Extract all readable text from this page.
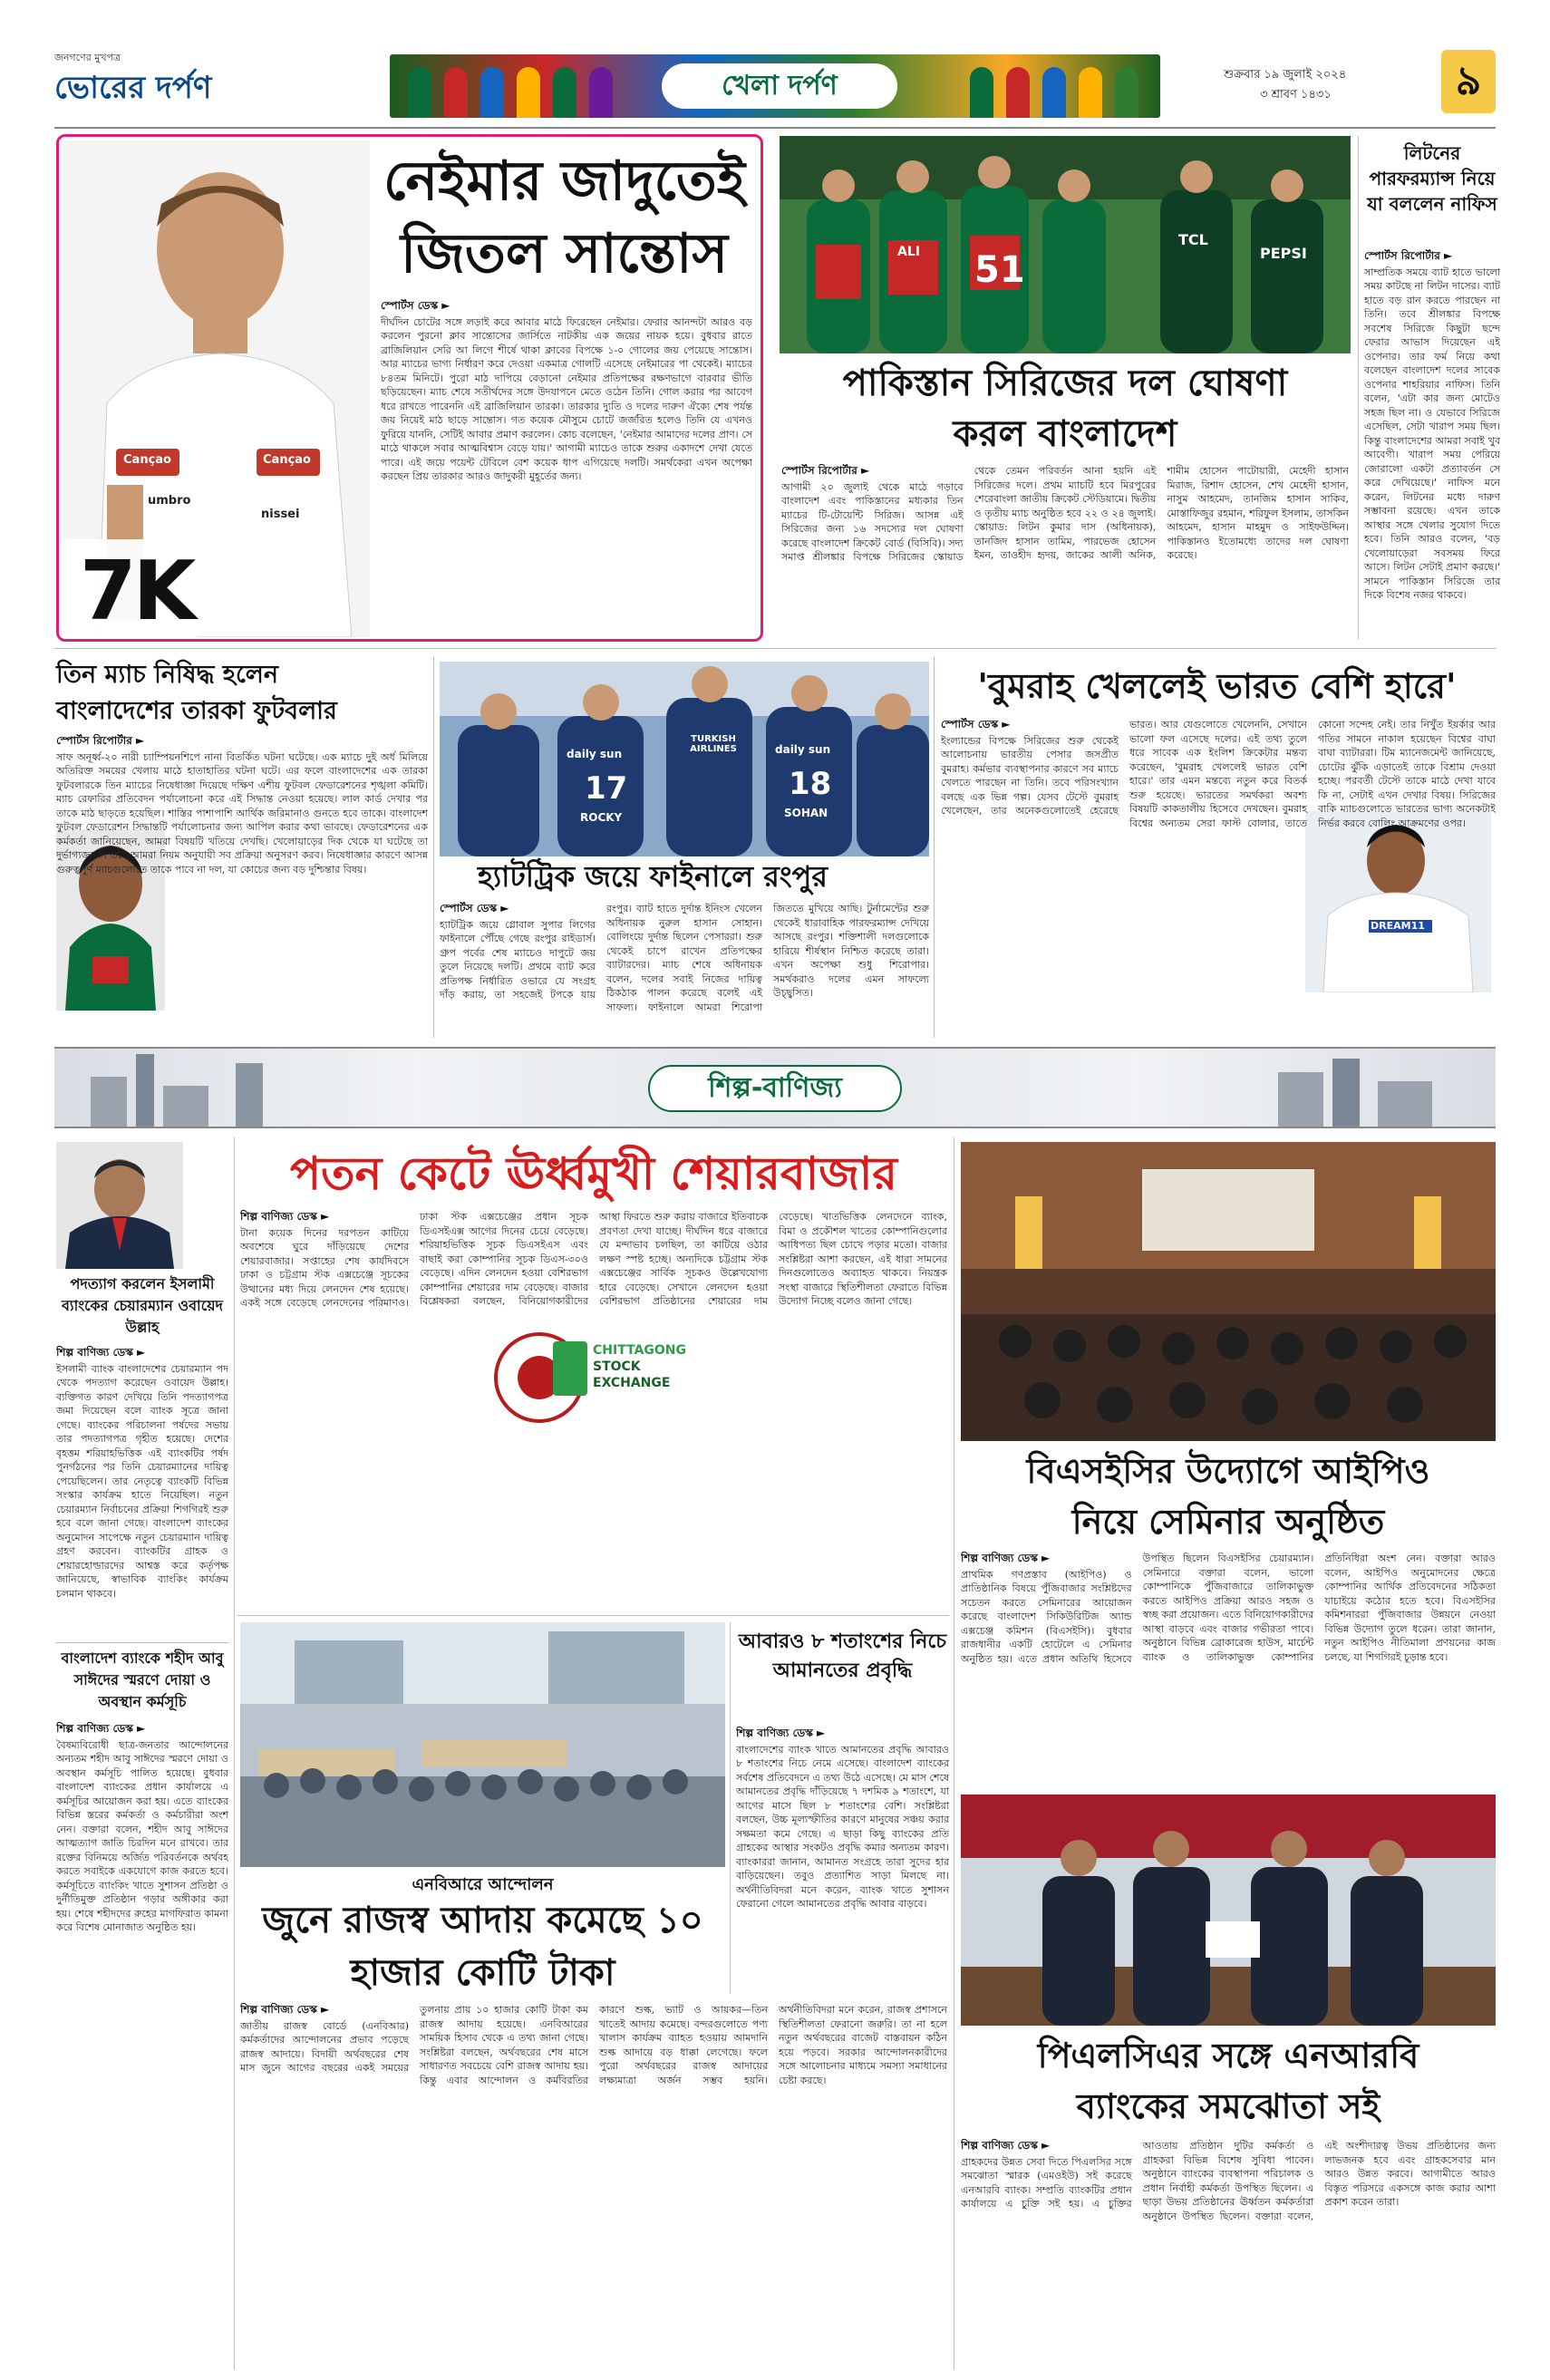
জনগণের মুখপত্র
ভোরের দর্পণ	শুক্রবার ১৯ জুলাই ২০২৪
৩ শ্রাবণ ১৪৩১	৯
খেলা দর্পণ
Cançao	Cançao
umbro
nissei
7K
নেইমার জাদুতেই
জিতল সান্তোস
স্পোর্টস ডেস্ক ►
দীর্ঘদিন চোটের সঙ্গে লড়াই করে আবার মাঠে ফিরেছেন নেইমার। ফেরার আনন্দটা আরও বড় করলেন পুরনো ক্লাব সান্তোসের জার্সিতে নাটকীয় এক জয়ের নায়ক হয়ে। বুধবার রাতে ব্রাজিলিয়ান সেরি আ লিগে শীর্ষে থাকা ক্লাবের বিপক্ষে ১-০ গোলের জয় পেয়েছে সান্তোস। আর ম্যাচের ভাগ্য নির্ধারণ করে দেওয়া একমাত্র গোলটি এসেছে নেইমারের পা থেকেই। ম্যাচের ৮৪তম মিনিটে। পুরো মাঠ দাপিয়ে বেড়ানো নেইমার প্রতিপক্ষের রক্ষণভাগে বারবার ভীতি ছড়িয়েছেন। ম্যাচ শেষে সতীর্থদের সঙ্গে উদযাপনে মেতে ওঠেন তিনি। গোল করার পর আবেগ ধরে রাখতে পারেননি এই ব্রাজিলিয়ান তারকা। তারকার দ্যুতি ও দলের দারুণ ঐক্যে শেষ পর্যন্ত জয় নিয়েই মাঠ ছাড়ে সান্তোস। গত কয়েক মৌসুমে চোটে জর্জরিত হলেও তিনি যে এখনও ফুরিয়ে যাননি, সেটিই আবার প্রমাণ করলেন। কোচ বলেছেন, 'নেইমার আমাদের দলের প্রাণ। সে মাঠে থাকলে সবার আত্মবিশ্বাস বেড়ে যায়।' আগামী ম্যাচেও তাকে শুরুর একাদশে দেখা যেতে পারে। এই জয়ে পয়েন্ট টেবিলে বেশ কয়েক ধাপ এগিয়েছে দলটি। সমর্থকেরা এখন অপেক্ষা করছেন প্রিয় তারকার আরও জাদুকরী মুহূর্তের জন্য।
ALI 51
TCL
PEPSI
পাকিস্তান সিরিজের দল ঘোষণা
করল বাংলাদেশ
স্পোর্টস রিপোর্টার ►
আগামী ২০ জুলাই থেকে মাঠে গড়াবে বাংলাদেশ এবং পাকিস্তানের মধ্যকার তিন ম্যাচের টি-টোয়েন্টি সিরিজ। আসন্ন এই সিরিজের জন্য ১৬ সদস্যের দল ঘোষণা করেছে বাংলাদেশ ক্রিকেট বোর্ড (বিসিবি)। সদ্য সমাপ্ত শ্রীলঙ্কার বিপক্ষে সিরিজের স্কোয়াড থেকে তেমন পরিবর্তন আনা হয়নি এই সিরিজের দলে। প্রথম ম্যাচটি হবে মিরপুরের শেরেবাংলা জাতীয় ক্রিকেট স্টেডিয়ামে। দ্বিতীয় ও তৃতীয় ম্যাচ অনুষ্ঠিত হবে ২২ ও ২৪ জুলাই। স্কোয়াড: লিটন কুমার দাস (অধিনায়ক), তানজিদ হাসান তামিম, পারভেজ হোসেন ইমন, তাওহীদ হৃদয়, জাকের আলী অনিক, শামীম হোসেন পাটোয়ারী, মেহেদী হাসান মিরাজ, রিশাদ হোসেন, শেখ মেহেদী হাসান, নাসুম আহমেদ, তানজিম হাসান সাকিব, মোস্তাফিজুর রহমান, শরিফুল ইসলাম, তাসকিন আহমেদ, হাসান মাহমুদ ও সাইফউদ্দিন। পাকিস্তানও ইতোমধ্যে তাদের দল ঘোষণা করেছে।
লিটনের পারফরম্যান্স নিয়ে যা বললেন নাফিস
স্পোর্টস রিপোর্টার ►
সাম্প্রতিক সময়ে ব্যাট হাতে ভালো সময় কাটছে না লিটন দাসের। ব্যাট হাতে বড় রান করতে পারছেন না তিনি। তবে শ্রীলঙ্কার বিপক্ষে সবশেষ সিরিজে কিছুটা ছন্দে ফেরার আভাস দিয়েছেন এই ওপেনার। তার ফর্ম নিয়ে কথা বলেছেন বাংলাদেশ দলের সাবেক ওপেনার শাহরিয়ার নাফিস। তিনি বলেন, 'এটা কার জন্য মোটেও সহজ ছিল না। ও যেভাবে সিরিজে এসেছিল, সেটা খারাপ সময় ছিল। কিন্তু বাংলাদেশের আমরা সবাই খুব আবেগী। খারাপ সময় পেরিয়ে জোরালো একটা প্রত্যাবর্তন সে করে দেখিয়েছে।' নাফিস মনে করেন, লিটনের মধ্যে দারুণ সম্ভাবনা রয়েছে। এখন তাকে আস্থার সঙ্গে খেলার সুযোগ দিতে হবে। তিনি আরও বলেন, 'বড় খেলোয়াড়েরা সবসময় ফিরে আসে। লিটন সেটাই প্রমাণ করছে।' সামনে পাকিস্তান সিরিজে তার দিকে বিশেষ নজর থাকবে।
তিন ম্যাচ নিষিদ্ধ হলেন
বাংলাদেশের তারকা ফুটবলার
স্পোর্টস রিপোর্টার ►
সাফ অনূর্ধ্ব-২০ নারী চ্যাম্পিয়নশিপে নানা বিতর্কিত ঘটনা ঘটেছে। এক ম্যাচে দুই অর্ধ মিলিয়ে অতিরিক্ত সময়ের খেলায় মাঠে হাতাহাতির ঘটনা ঘটে। এর ফলে বাংলাদেশের এক তারকা ফুটবলারকে তিন ম্যাচের নিষেধাজ্ঞা দিয়েছে দক্ষিণ এশীয় ফুটবল ফেডারেশনের শৃঙ্খলা কমিটি। ম্যাচ রেফারির প্রতিবেদন পর্যালোচনা করে এই সিদ্ধান্ত নেওয়া হয়েছে। লাল কার্ড দেখার পর তাকে মাঠ ছাড়তে হয়েছিল। শাস্তির পাশাপাশি আর্থিক জরিমানাও গুনতে হবে তাকে। বাংলাদেশ ফুটবল ফেডারেশন সিদ্ধান্তটি পর্যালোচনার জন্য আপিল করার কথা ভাবছে। ফেডারেশনের এক কর্মকর্তা জানিয়েছেন, আমরা বিষয়টি খতিয়ে দেখছি। খেলোয়াড়ের দিক থেকে যা ঘটেছে তা দুর্ভাগ্যজনক। তবে আমরা নিয়ম অনুযায়ী সব প্রক্রিয়া অনুসরণ করব। নিষেধাজ্ঞার কারণে আসন্ন গুরুত্বপূর্ণ ম্যাচগুলোতে তাকে পাবে না দল, যা কোচের জন্য বড় দুশ্চিন্তার বিষয়।
daily sun
17
ROCKY
TURKISH AIRLINES	daily sun
18
SOHAN
হ্যাটট্রিক জয়ে ফাইনালে রংপুর
স্পোর্টস ডেস্ক ►
হ্যাটট্রিক জয়ে গ্লোবাল সুপার লিগের ফাইনালে পৌঁছে গেছে রংপুর রাইডার্স। গ্রুপ পর্বের শেষ ম্যাচেও দাপুটে জয় তুলে নিয়েছে দলটি। প্রথমে ব্যাট করে প্রতিপক্ষ নির্ধারিত ওভারে যে সংগ্রহ দাঁড় করায়, তা সহজেই টপকে যায় রংপুর। ব্যাট হাতে দুর্দান্ত ইনিংস খেলেন অধিনায়ক নুরুল হাসান সোহান। বোলিংয়ে দুর্দান্ত ছিলেন পেসাররা। শুরু থেকেই চাপে রাখেন প্রতিপক্ষের ব্যাটারদের। ম্যাচ শেষে অধিনায়ক বলেন, দলের সবাই নিজের দায়িত্ব ঠিকঠাক পালন করেছে বলেই এই সাফল্য। ফাইনালে আমরা শিরোপা জিততে মুখিয়ে আছি। টুর্নামেন্টের শুরু থেকেই ধারাবাহিক পারফরম্যান্স দেখিয়ে আসছে রংপুর। শক্তিশালী দলগুলোকে হারিয়ে শীর্ষস্থান নিশ্চিত করেছে তারা। এখন অপেক্ষা শুধু শিরোপার। সমর্থকরাও দলের এমন সাফল্যে উচ্ছ্বসিত।
'বুমরাহ খেললেই ভারত বেশি হারে'
DREAM11
স্পোর্টস ডেস্ক ►
ইংল্যান্ডের বিপক্ষে সিরিজের শুরু থেকেই আলোচনায় ভারতীয় পেসার জসপ্রীত বুমরাহ। কর্মভার ব্যবস্থাপনার কারণে সব ম্যাচে খেলতে পারছেন না তিনি। তবে পরিসংখ্যান বলছে এক ভিন্ন গল্প। যেসব টেস্টে বুমরাহ খেলেছেন, তার অনেকগুলোতেই হেরেছে ভারত। আর যেগুলোতে খেলেননি, সেখানে ভালো ফল এসেছে দলের। এই তথ্য তুলে ধরে সাবেক এক ইংলিশ ক্রিকেটার মন্তব্য করেছেন, 'বুমরাহ খেললেই ভারত বেশি হারে।' তার এমন মন্তব্যে নতুন করে বিতর্ক শুরু হয়েছে। ভারতের সমর্থকরা অবশ্য বিষয়টি কাকতালীয় হিসেবে দেখছেন। বুমরাহ বিশ্বের অন্যতম সেরা ফাস্ট বোলার, তাতে কোনো সন্দেহ নেই। তার নিখুঁত ইয়র্কার আর গতির সামনে নাকাল হয়েছেন বিশ্বের বাঘা বাঘা ব্যাটাররা। টিম ম্যানেজমেন্ট জানিয়েছে, চোটের ঝুঁকি এড়াতেই তাকে বিশ্রাম দেওয়া হচ্ছে। পরবর্তী টেস্টে তাকে মাঠে দেখা যাবে কি না, সেটাই এখন দেখার বিষয়। সিরিজের বাকি ম্যাচগুলোতে ভারতের ভাগ্য অনেকটাই নির্ভর করবে বোলিং আক্রমণের ওপর।
শিল্প-বাণিজ্য
পদত্যাগ করলেন ইসলামী ব্যাংকের চেয়ারম্যান ওবায়েদ উল্লাহ
শিল্প বাণিজ্য ডেস্ক ►
ইসলামী ব্যাংক বাংলাদেশের চেয়ারম্যান পদ থেকে পদত্যাগ করেছেন ওবায়েদ উল্লাহ। ব্যক্তিগত কারণ দেখিয়ে তিনি পদত্যাগপত্র জমা দিয়েছেন বলে ব্যাংক সূত্রে জানা গেছে। ব্যাংকের পরিচালনা পর্ষদের সভায় তার পদত্যাগপত্র গৃহীত হয়েছে। দেশের বৃহত্তম শরিয়াহভিত্তিক এই ব্যাংকটির পর্ষদ পুনর্গঠনের পর তিনি চেয়ারম্যানের দায়িত্ব পেয়েছিলেন। তার নেতৃত্বে ব্যাংকটি বিভিন্ন সংস্কার কার্যক্রম হাতে নিয়েছিল। নতুন চেয়ারম্যান নির্বাচনের প্রক্রিয়া শিগগিরই শুরু হবে বলে জানা গেছে। বাংলাদেশ ব্যাংকের অনুমোদন সাপেক্ষে নতুন চেয়ারম্যান দায়িত্ব গ্রহণ করবেন। ব্যাংকটির গ্রাহক ও শেয়ারহোল্ডারদের আশ্বস্ত করে কর্তৃপক্ষ জানিয়েছে, স্বাভাবিক ব্যাংকিং কার্যক্রম চলমান থাকবে।
বাংলাদেশ ব্যাংকে শহীদ আবু সাঈদের স্মরণে দোয়া ও অবস্থান কর্মসূচি
শিল্প বাণিজ্য ডেস্ক ►
বৈষম্যবিরোধী ছাত্র-জনতার আন্দোলনের অন্যতম শহীদ আবু সাঈদের স্মরণে দোয়া ও অবস্থান কর্মসূচি পালিত হয়েছে। বুধবার বাংলাদেশ ব্যাংকের প্রধান কার্যালয়ে এ কর্মসূচির আয়োজন করা হয়। এতে ব্যাংকের বিভিন্ন স্তরের কর্মকর্তা ও কর্মচারীরা অংশ নেন। বক্তারা বলেন, শহীদ আবু সাঈদের আত্মত্যাগ জাতি চিরদিন মনে রাখবে। তার রক্তের বিনিময়ে অর্জিত পরিবর্তনকে অর্থবহ করতে সবাইকে একযোগে কাজ করতে হবে। কর্মসূচিতে ব্যাংকিং খাতে সুশাসন প্রতিষ্ঠা ও দুর্নীতিমুক্ত প্রতিষ্ঠান গড়ার অঙ্গীকার করা হয়। শেষে শহীদদের রুহের মাগফিরাত কামনা করে বিশেষ মোনাজাত অনুষ্ঠিত হয়।
পতন কেটে ঊর্ধ্বমুখী শেয়ারবাজার
CHITTAGONG
STOCK
EXCHANGE
শিল্প বাণিজ্য ডেস্ক ►
টানা কয়েক দিনের দরপতন কাটিয়ে অবশেষে ঘুরে দাঁড়িয়েছে দেশের শেয়ারবাজার। সপ্তাহের শেষ কার্যদিবসে ঢাকা ও চট্টগ্রাম স্টক এক্সচেঞ্জে সূচকের উত্থানের মধ্য দিয়ে লেনদেন শেষ হয়েছে। একই সঙ্গে বেড়েছে লেনদেনের পরিমাণও। ঢাকা স্টক এক্সচেঞ্জের প্রধান সূচক ডিএসইএক্স আগের দিনের চেয়ে বেড়েছে। শরিয়াহভিত্তিক সূচক ডিএসইএস এবং বাছাই করা কোম্পানির সূচক ডিএস-৩০ও বেড়েছে। এদিন লেনদেন হওয়া বেশিরভাগ কোম্পানির শেয়ারের দাম বেড়েছে। বাজার বিশ্লেষকরা বলছেন, বিনিয়োগকারীদের আস্থা ফিরতে শুরু করায় বাজারে ইতিবাচক প্রবণতা দেখা যাচ্ছে। দীর্ঘদিন ধরে বাজারে যে মন্দাভাব চলছিল, তা কাটিয়ে ওঠার লক্ষণ স্পষ্ট হচ্ছে। অন্যদিকে চট্টগ্রাম স্টক এক্সচেঞ্জের সার্বিক সূচকও উল্লেখযোগ্য হারে বেড়েছে। সেখানে লেনদেন হওয়া বেশিরভাগ প্রতিষ্ঠানের শেয়ারের দাম বেড়েছে। খাতভিত্তিক লেনদেনে ব্যাংক, বিমা ও প্রকৌশল খাতের কোম্পানিগুলোর আধিপত্য ছিল চোখে পড়ার মতো। বাজার সংশ্লিষ্টরা আশা করছেন, এই ধারা সামনের দিনগুলোতেও অব্যাহত থাকবে। নিয়ন্ত্রক সংস্থা বাজারে স্থিতিশীলতা ফেরাতে বিভিন্ন উদ্যোগ নিচ্ছে বলেও জানা গেছে।
এনবিআরে আন্দোলন
জুনে রাজস্ব আদায় কমেছে ১০
হাজার কোটি টাকা
শিল্প বাণিজ্য ডেস্ক ►
জাতীয় রাজস্ব বোর্ডে (এনবিআর) কর্মকর্তাদের আন্দোলনের প্রভাব পড়েছে রাজস্ব আদায়ে। বিদায়ী অর্থবছরের শেষ মাস জুনে আগের বছরের একই সময়ের তুলনায় প্রায় ১০ হাজার কোটি টাকা কম রাজস্ব আদায় হয়েছে। এনবিআরের সাময়িক হিসাব থেকে এ তথ্য জানা গেছে। সংশ্লিষ্টরা বলছেন, অর্থবছরের শেষ মাসে সাধারণত সবচেয়ে বেশি রাজস্ব আদায় হয়। কিন্তু এবার আন্দোলন ও কর্মবিরতির কারণে শুল্ক, ভ্যাট ও আয়কর—তিন খাতেই আদায় কমেছে। বন্দরগুলোতে পণ্য খালাস কার্যক্রম ব্যাহত হওয়ায় আমদানি শুল্ক আদায়ে বড় ধাক্কা লেগেছে। ফলে পুরো অর্থবছরের রাজস্ব আদায়ের লক্ষ্যমাত্রা অর্জন সম্ভব হয়নি। অর্থনীতিবিদরা মনে করেন, রাজস্ব প্রশাসনে স্থিতিশীলতা ফেরানো জরুরি। তা না হলে নতুন অর্থবছরের বাজেট বাস্তবায়ন কঠিন হয়ে পড়বে। সরকার আন্দোলনকারীদের সঙ্গে আলোচনার মাধ্যমে সমস্যা সমাধানের চেষ্টা করছে।
আবারও ৮ শতাংশের নিচে আমানতের প্রবৃদ্ধি
শিল্প বাণিজ্য ডেস্ক ►
বাংলাদেশের ব্যাংক খাতে আমানতের প্রবৃদ্ধি আবারও ৮ শতাংশের নিচে নেমে এসেছে। বাংলাদেশ ব্যাংকের সর্বশেষ প্রতিবেদনে এ তথ্য উঠে এসেছে। মে মাস শেষে আমানতের প্রবৃদ্ধি দাঁড়িয়েছে ৭ দশমিক ৯ শতাংশে, যা আগের মাসে ছিল ৮ শতাংশের বেশি। সংশ্লিষ্টরা বলছেন, উচ্চ মূল্যস্ফীতির কারণে মানুষের সঞ্চয় করার সক্ষমতা কমে গেছে। এ ছাড়া কিছু ব্যাংকের প্রতি গ্রাহকের আস্থার সংকটও প্রবৃদ্ধি কমার অন্যতম কারণ। ব্যাংকাররা জানান, আমানত সংগ্রহে তারা সুদের হার বাড়িয়েছেন। তবুও প্রত্যাশিত সাড়া মিলছে না। অর্থনীতিবিদরা মনে করেন, ব্যাংক খাতে সুশাসন ফেরানো গেলে আমানতের প্রবৃদ্ধি আবার বাড়বে।
বিএসইসির উদ্যোগে আইপিও
নিয়ে সেমিনার অনুষ্ঠিত
শিল্প বাণিজ্য ডেস্ক ►
প্রাথমিক গণপ্রস্তাব (আইপিও) ও প্রাতিষ্ঠানিক বিষয়ে পুঁজিবাজার সংশ্লিষ্টদের সচেতন করতে সেমিনারের আয়োজন করেছে বাংলাদেশ সিকিউরিটিজ অ্যান্ড এক্সচেঞ্জ কমিশন (বিএসইসি)। বুধবার রাজধানীর একটি হোটেলে এ সেমিনার অনুষ্ঠিত হয়। এতে প্রধান অতিথি হিসেবে উপস্থিত ছিলেন বিএসইসির চেয়ারম্যান। সেমিনারে বক্তারা বলেন, ভালো কোম্পানিকে পুঁজিবাজারে তালিকাভুক্ত করতে আইপিও প্রক্রিয়া আরও সহজ ও স্বচ্ছ করা প্রয়োজন। এতে বিনিয়োগকারীদের আস্থা বাড়বে এবং বাজার গভীরতা পাবে। অনুষ্ঠানে বিভিন্ন ব্রোকারেজ হাউস, মার্চেন্ট ব্যাংক ও তালিকাভুক্ত কোম্পানির প্রতিনিধিরা অংশ নেন। বক্তারা আরও বলেন, আইপিও অনুমোদনের ক্ষেত্রে কোম্পানির আর্থিক প্রতিবেদনের সঠিকতা যাচাইয়ে কঠোর হতে হবে। বিএসইসির কমিশনাররা পুঁজিবাজার উন্নয়নে নেওয়া বিভিন্ন উদ্যোগ তুলে ধরেন। তারা জানান, নতুন আইপিও নীতিমালা প্রণয়নের কাজ চলছে, যা শিগগিরই চূড়ান্ত হবে।
পিএলসিএর সঙ্গে এনআরবি
ব্যাংকের সমঝোতা সই
শিল্প বাণিজ্য ডেস্ক ►
গ্রাহকদের উন্নত সেবা দিতে পিএলসির সঙ্গে সমঝোতা স্মারক (এমওইউ) সই করেছে এনআরবি ব্যাংক। সম্প্রতি ব্যাংকটির প্রধান কার্যালয়ে এ চুক্তি সই হয়। এ চুক্তির আওতায় প্রতিষ্ঠান দুটির কর্মকর্তা ও গ্রাহকরা বিভিন্ন বিশেষ সুবিধা পাবেন। অনুষ্ঠানে ব্যাংকের ব্যবস্থাপনা পরিচালক ও প্রধান নির্বাহী কর্মকর্তা উপস্থিত ছিলেন। এ ছাড়া উভয় প্রতিষ্ঠানের ঊর্ধ্বতন কর্মকর্তারা অনুষ্ঠানে উপস্থিত ছিলেন। বক্তারা বলেন, এই অংশীদারত্ব উভয় প্রতিষ্ঠানের জন্য লাভজনক হবে এবং গ্রাহকসেবার মান আরও উন্নত করবে। আগামীতে আরও বিস্তৃত পরিসরে একসঙ্গে কাজ করার আশা প্রকাশ করেন তারা।
